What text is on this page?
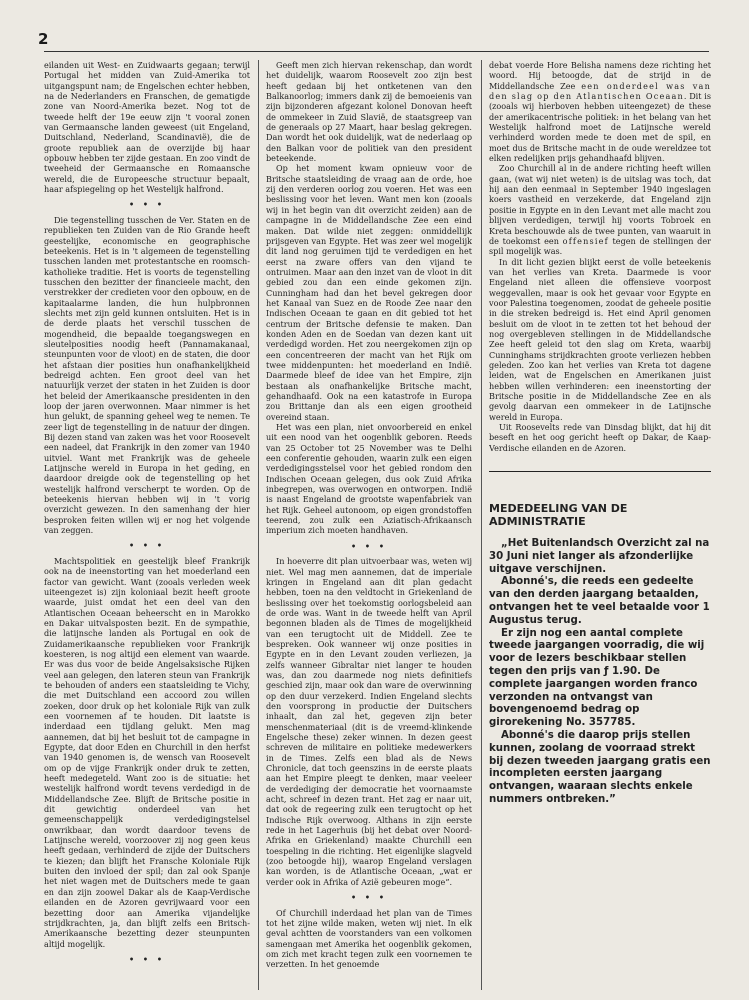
2

eilanden uit West- en Zuidwaarts gegaan; terwijl Portugal het midden van Zuid-Amerika tot uitgangspunt nam; de Engelschen echter hebben, na de Nederlanders en Franschen, de gematigde zone van Noord-Amerika bezet. Nog tot de tweede helft der 19e eeuw zijn 't vooral zonen van Germaansche landen geweest (uit Engeland, Duitschland, Nederland, Scandinavië), die de groote republiek aan de overzijde bij haar opbouw hebben ter zijde gestaan. En zoo vindt de tweeheid der Germaansche en Romaansche wereld, die de Europeesche structuur bepaalt, haar afspiegeling op het Westelijk halfrond.

• • •

Die tegenstelling tusschen de Ver. Staten en de republieken ten Zuiden van de Rio Grande heeft geestelijke, economische en geographische beteekenis. Het is in 't algemeen de tegenstelling tusschen landen met protestantsche en roomsch-katholieke traditie. Het is voorts de tegenstelling tusschen den bezitter der financieele macht, den verstrekker der credieten voor den opbouw, en de kapitaalarme landen, die hun hulpbronnen slechts met zijn geld kunnen ontsluiten. Het is in de derde plaats het verschil tusschen de mogendheid, die bepaalde toegangswegen en sleutelposities noodig heeft (Pannamakanaal, steunpunten voor de vloot) en de staten, die door het afstaan dier posities hun onafhankelijkheid bedreigd achten. Een groot deel van het natuurlijk verzet der staten in het Zuiden is door het beleid der Amerikaansche presidenten in den loop der jaren overwonnen. Maar nimmer is het hun gelukt, de spanning geheel weg te nemen. Te zeer ligt de tegenstelling in de natuur der dingen. Bij dezen stand van zaken was het voor Roosevelt een nadeel, dat Frankrijk in den zomer van 1940 uitviel. Want met Frankrijk was de geheele Latijnsche wereld in Europa in het geding, en daardoor dreigde ook de tegenstelling op het westelijk halfrond verscherpt te worden. Op de beteekenis hiervan hebben wij in 't vorig overzicht gewezen. In den samenhang der hier besproken feiten willen wij er nog het volgende van zeggen.

• • •

Machtspolitiek en geestelijk bleef Frankrijk ook na de ineenstorting van het moederland een factor van gewicht. Want (zooals verleden week uiteengezet is) zijn koloniaal bezit heeft groote waarde, juist omdat het een deel van den Atlantischen Oceaan beheerscht en in Marokko en Dakar uitvalsposten bezit. En de sympathie, die latijnsche landen als Portugal en ook de Zuidamerikaansche republieken voor Frankrijk koesteren, is nog altijd een element van waarde. Er was dus voor de beide Angelsaksische Rijken veel aan gelegen, den lateren steun van Frankrijk te behouden of anders een staatsleiding te Vichy, die met Duitschland een accoord zou willen zoeken, door druk op het koloniale Rijk van zulk een voornemen af te houden. Dit laatste is inderdaad een tijdlang gelukt. Men mag aannemen, dat bij het besluit tot de campagne in Egypte, dat door Eden en Churchill in den herfst van 1940 genomen is, de wensch van Roosevelt om op de vijge Frankrijk onder druk te zetten, heeft medegeteld. Want zoo is de situatie: het westelijk halfrond wordt tevens verdedigd in de Middellandsche Zee. Blijft de Britsche positie in dit gewichtig onderdeel van het gemeenschappelijk verdedigingstelsel onwrikbaar, dan wordt daardoor tevens de Latijnsche wereld, voorzoover zij nog geen keus heeft gedaan, verhinderd de zijde der Duitschers te kiezen; dan blijft het Fransche Koloniale Rijk buiten den invloed der spil; dan zal ook Spanje het niet wagen met de Duitschers mede te gaan en dan zijn zoowel Dakar als de Kaap-Verdische eilanden en de Azoren gevrijwaard voor een bezetting door aan Amerika vijandelijke strijdkrachten, ja, dan blijft zelfs een Britsch-Amerikaansche bezetting dezer steunpunten altijd mogelijk.

• • •

Geeft men zich hiervan rekenschap, dan wordt het duidelijk, waarom Roosevelt zoo zijn best heeft gedaan bij het ontketenen van den Balkanoorlog; immers dank zij de bemoeienis van zijn bijzonderen afgezant kolonel Donovan heeft de ommekeer in Zuid Slavië, de staatsgreep van de generaals op 27 Maart, haar beslag gekregen. Dan wordt het ook duidelijk, wat de nederlaag op den Balkan voor de politiek van den president beteekende.

Op het moment kwam opnieuw voor de Britsche staatsleiding de vraag aan de orde, hoe zij den verderen oorlog zou voeren. Het was een beslissing voor het leven. Want men kon (zooals wij in het begin van dit overzicht zeiden) aan de campagne in de Middellandsche Zee een eind maken. Dat wilde niet zeggen: onmiddellijk prijsgeven van Egypte. Het was zeer wel mogelijk dit land nog geruimen tijd te verdedigen en het eerst na zware offers van den vijand te ontruimen. Maar aan den inzet van de vloot in dit gebied zou dan een einde gekomen zijn. Cunningham had dan het bevel gekregen door het Kanaal van Suez en de Roode Zee naar den Indischen Oceaan te gaan en dit gebied tot het centrum der Britsche defensie te maken. Dan konden Aden en de Soedan van dezen kant uit verdedigd worden. Het zou neergekomen zijn op een concentreeren der macht van het Rijk om twee middenpunten: het moederland en Indië. Daarmede bleef de idee van het Empire, zijn bestaan als onafhankelijke Britsche macht, gehandhaafd. Ook na een katastrofe in Europa zou Brittanje dan als een eigen grootheid overeind staan.

Het was een plan, niet onvoorbereid en enkel uit een nood van het oogenblik geboren. Reeds van 25 October tot 25 November was te Delhi een conferentie gehouden, waarin zulk een eigen verdedigingsstelsel voor het gebied rondom den Indischen Oceaan gelegen, dus ook Zuid Afrika inbegrepen, was overwogen en ontworpen. Indië is naast Engeland de grootste wapenfabriek van het Rijk. Geheel autonoom, op eigen grondstoffen teerend, zou zulk een Aziatisch-Afrikaansch imperium zich moeten handhaven.

• • •

In hoeverre dit plan uitvoerbaar was, weten wij niet. Wel mag men aannemen, dat de imperiale kringen in Engeland aan dit plan gedacht hebben, toen na den veldtocht in Griekenland de beslissing over het toekomstig oorlogsbeleid aan de orde was. Want in de tweede helft van April begonnen bladen als de Times de mogelijkheid van een terugtocht uit de Middell. Zee te bespreken. Ook wanneer wij onze posities in Egypte en in den Levant zouden verliezen, ja zelfs wanneer Gibraltar niet langer te houden was, dan zou daarmede nog niets definitiefs geschied zijn, maar ook dan ware de overwinning op den duur verzekerd. Indien Engeland slechts den voorsprong in productie der Duitschers inhaalt, dan zal het, gegeven zijn beter menschenmateriaal (dit is de vreemd-klinkende Engelsche these) zeker winnen. In dezen geest schreven de militaire en politieke medewerkers in de Times. Zelfs een blad als de News Chronicle, dat toch geenszins in de eerste plaats aan het Empire pleegt te denken, maar veeleer de verdediging der democratie het voornaamste acht, schreef in dezen trant. Het zag er naar uit, dat ook de regeering zulk een terugtocht op het Indische Rijk overwoog. Althans in zijn eerste rede in het Lagerhuis (bij het debat over Noord-Afrika en Griekenland) maakte Churchill een toespeling in die richting. Het eigenlijke slagveld (zoo betoogde hij), waarop Engeland verslagen kan worden, is de Atlantische Oceaan, „wat er verder ook in Afrika of Azië gebeuren moge”.

• • •

Of Churchill inderdaad het plan van de Times tot het zijne wilde maken, weten wij niet. In elk geval achtten de voorstanders van een volkomen samengaan met Amerika het oogenblik gekomen, om zich met kracht tegen zulk een voornemen te verzetten. In het genoemde

debat voerde Hore Belisha namens deze richting het woord. Hij betoogde, dat de strijd in de Middellandsche Zee een onderdeel was van den slag op den Atlantischen Oceaan. Dit is (zooals wij hierboven hebben uiteengezet) de these der amerikacentrische politiek: in het belang van het Westelijk halfrond moet de Latijnsche wereld verhinderd worden mede te doen met de spil, en moet dus de Britsche macht in de oude wereldzee tot elken redelijken prijs gehandhaafd blijven.

Zoo Churchill al in de andere richting heeft willen gaan, (wat wij niet weten) is de uitslag was toch, dat hij aan den eenmaal in September 1940 ingeslagen koers vastheid en verzekerde, dat Engeland zijn positie in Egypte en in den Levant met alle macht zou blijven verdedigen, terwijl hij voorts Tobroek en Kreta beschouwde als de twee punten, van waaruit in de toekomst een offensief tegen de stellingen der spil mogelijk was.

In dit licht gezien blijkt eerst de volle beteekenis van het verlies van Kreta. Daarmede is voor Engeland niet alleen die offensieve voorpost weggevallen, maar is ook het gevaar voor Egypte en voor Palestina toegenomen, zoodat de geheele positie in die streken bedreigd is. Het eind April genomen besluit om de vloot in te zetten tot het behoud der nog overgebleven stellingen in de Middellandsche Zee heeft geleid tot den slag om Kreta, waarbij Cunninghams strijdkrachten groote verliezen hebben geleden. Zoo kan het verlies van Kreta tot dagene leiden, wat de Engelschen en Amerikanen juist hebben willen verhinderen: een ineenstorting der Britsche positie in de Middellandsche Zee en als gevolg daarvan een ommekeer in de Latijnsche wereld in Europa.

Uit Roosevelts rede van Dinsdag blijkt, dat hij dit beseft en het oog gericht heeft op Dakar, de Kaap-Verdische eilanden en de Azoren.

MEDEDEELING VAN DE ADMINISTRATIE

„Het Buitenlandsch Overzicht zal na 30 Juni niet langer als afzonderlijke uitgave verschijnen.

Abonné's, die reeds een gedeelte van den derden jaargang betaalden, ontvangen het te veel betaalde voor 1 Augustus terug.

Er zijn nog een aantal complete tweede jaargangen voorradig, die wij voor de lezers beschikbaar stellen tegen den prijs van ƒ 1.90. De complete jaargangen worden franco verzonden na ontvangst van bovengenoemd bedrag op girorekening No. 357785.

Abonné's die daarop prijs stellen kunnen, zoolang de voorraad strekt bij dezen tweeden jaargang gratis een incompleten eersten jaargang ontvangen, waaraan slechts enkele nummers ontbreken.”
